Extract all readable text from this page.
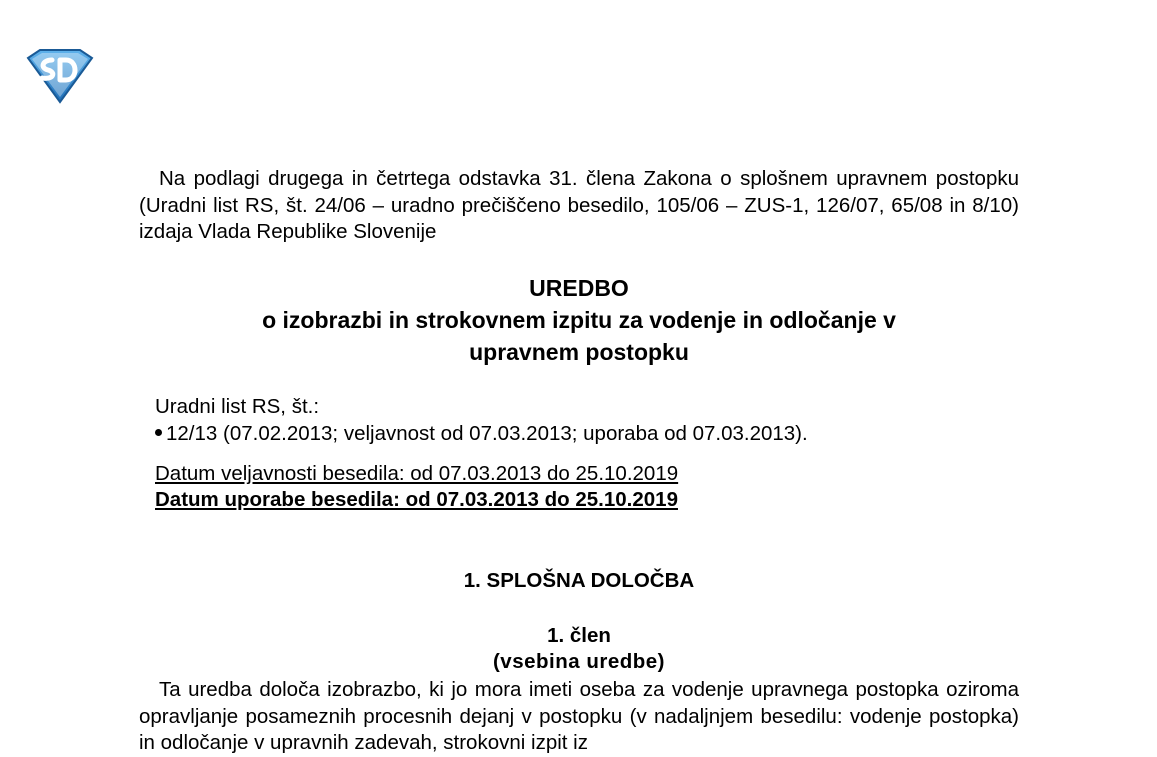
Na podlagi drugega in četrtega odstavka 31. člena Zakona o splošnem upravnem postopku (Uradni list RS, št. 24/06 – uradno prečiščeno besedilo, 105/06 – ZUS-1, 126/07, 65/08 in 8/10) izdaja Vlada Republike Slovenije

UREDBO
o izobrazbi in strokovnem izpitu za vodenje in odločanje v
upravnem postopku
Uradni list RS, št.:
12/13 (07.02.2013; veljavnost od 07.03.2013; uporaba od 07.03.2013).
Datum veljavnosti besedila: od 07.03.2013 do 25.10.2019
Datum uporabe besedila: od 07.03.2013 do 25.10.2019
1. SPLOŠNA DOLOČBA
1. člen
(vsebina uredbe)

Ta uredba določa izobrazbo, ki jo mora imeti oseba za vodenje upravnega postopka oziroma opravljanje posameznih procesnih dejanj v postopku (v nadaljnjem besedilu: vodenje postopka) in odločanje v upravnih zadevah, strokovni izpit iz
